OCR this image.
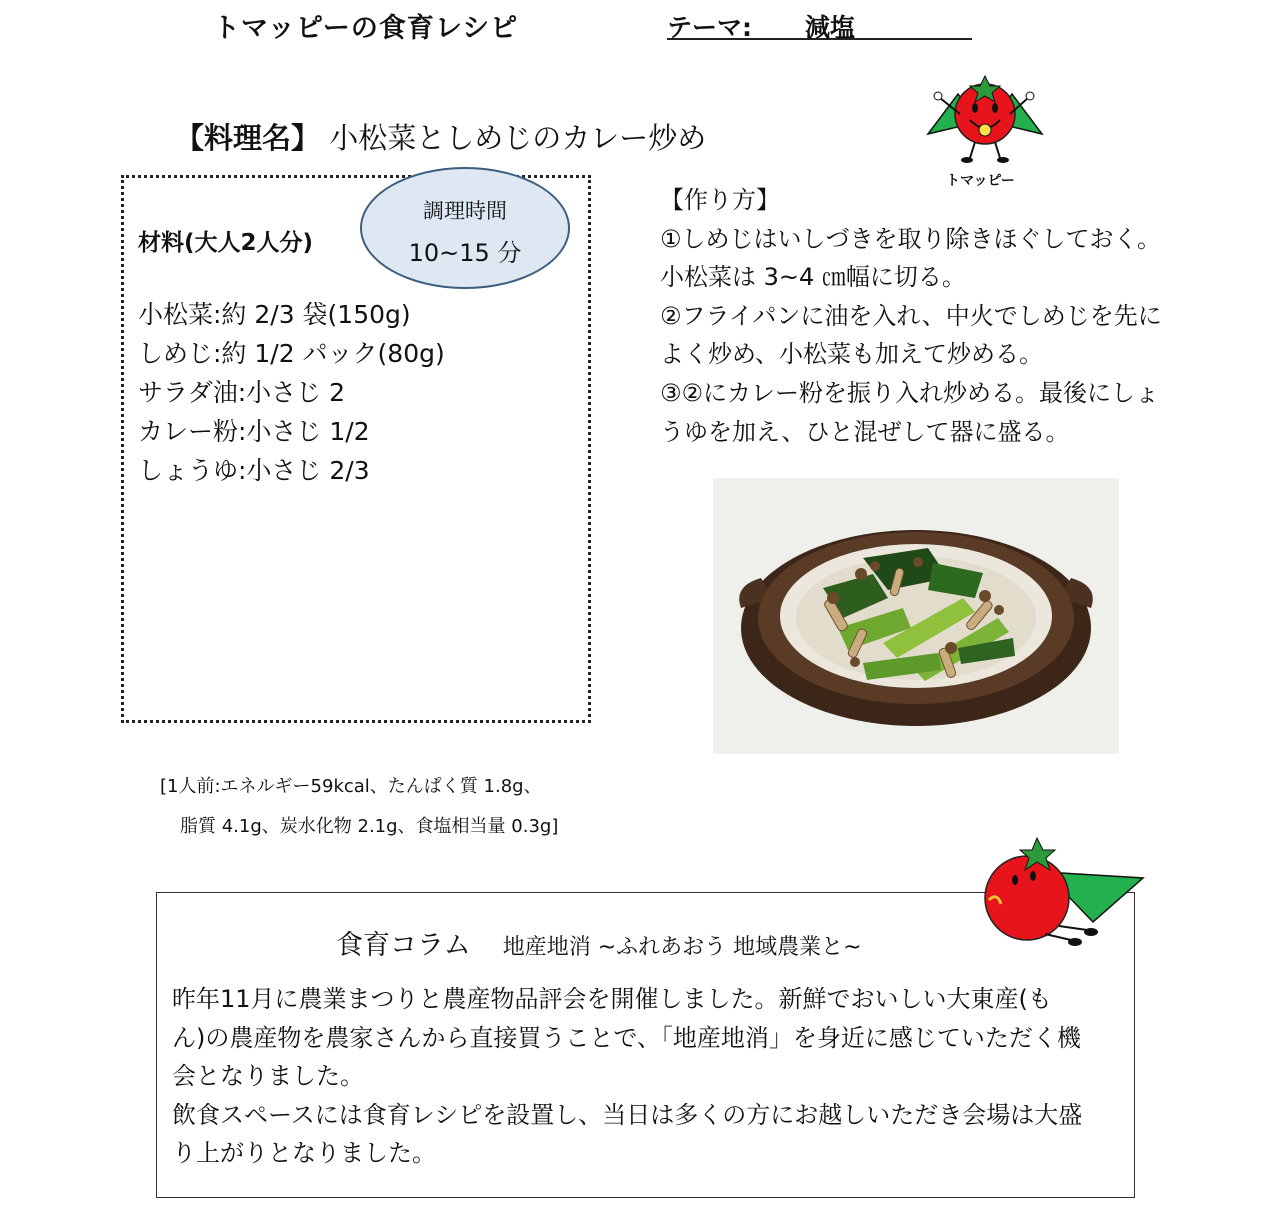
トマッピーの食育レシピ	テーマ: 減塩
【料理名】 小松菜としめじのカレー炒め
トマッピー
材料(大人2人分)
調理時間
10~15 分
小松菜:約 2/3 袋(150g)
しめじ:約 1/2 パック(80g)
サラダ油:小さじ 2
カレー粉:小さじ 1/2
しょうゆ:小さじ 2/3
【作り方】
①しめじはいしづきを取り除きほぐしておく。
小松菜は 3~4 ㎝幅に切る。
②フライパンに油を入れ、中火でしめじを先に
よく炒め、小松菜も加えて炒める。
③②にカレー粉を振り入れ炒める。最後にしょ
うゆを加え、ひと混ぜして器に盛る。
[1人前:エネルギー59kcal、たんぱく質 1.8g、
脂質 4.1g、炭水化物 2.1g、食塩相当量 0.3g]
食育コラム 地産地消 ~ふれあおう 地域農業と~
昨年11月に農業まつりと農産物品評会を開催しました。新鮮でおいしい大東産(も
ん)の農産物を農家さんから直接買うことで、「地産地消」を身近に感じていただく機
会となりました。
飲食スペースには食育レシピを設置し、当日は多くの方にお越しいただき会場は大盛
り上がりとなりました。
